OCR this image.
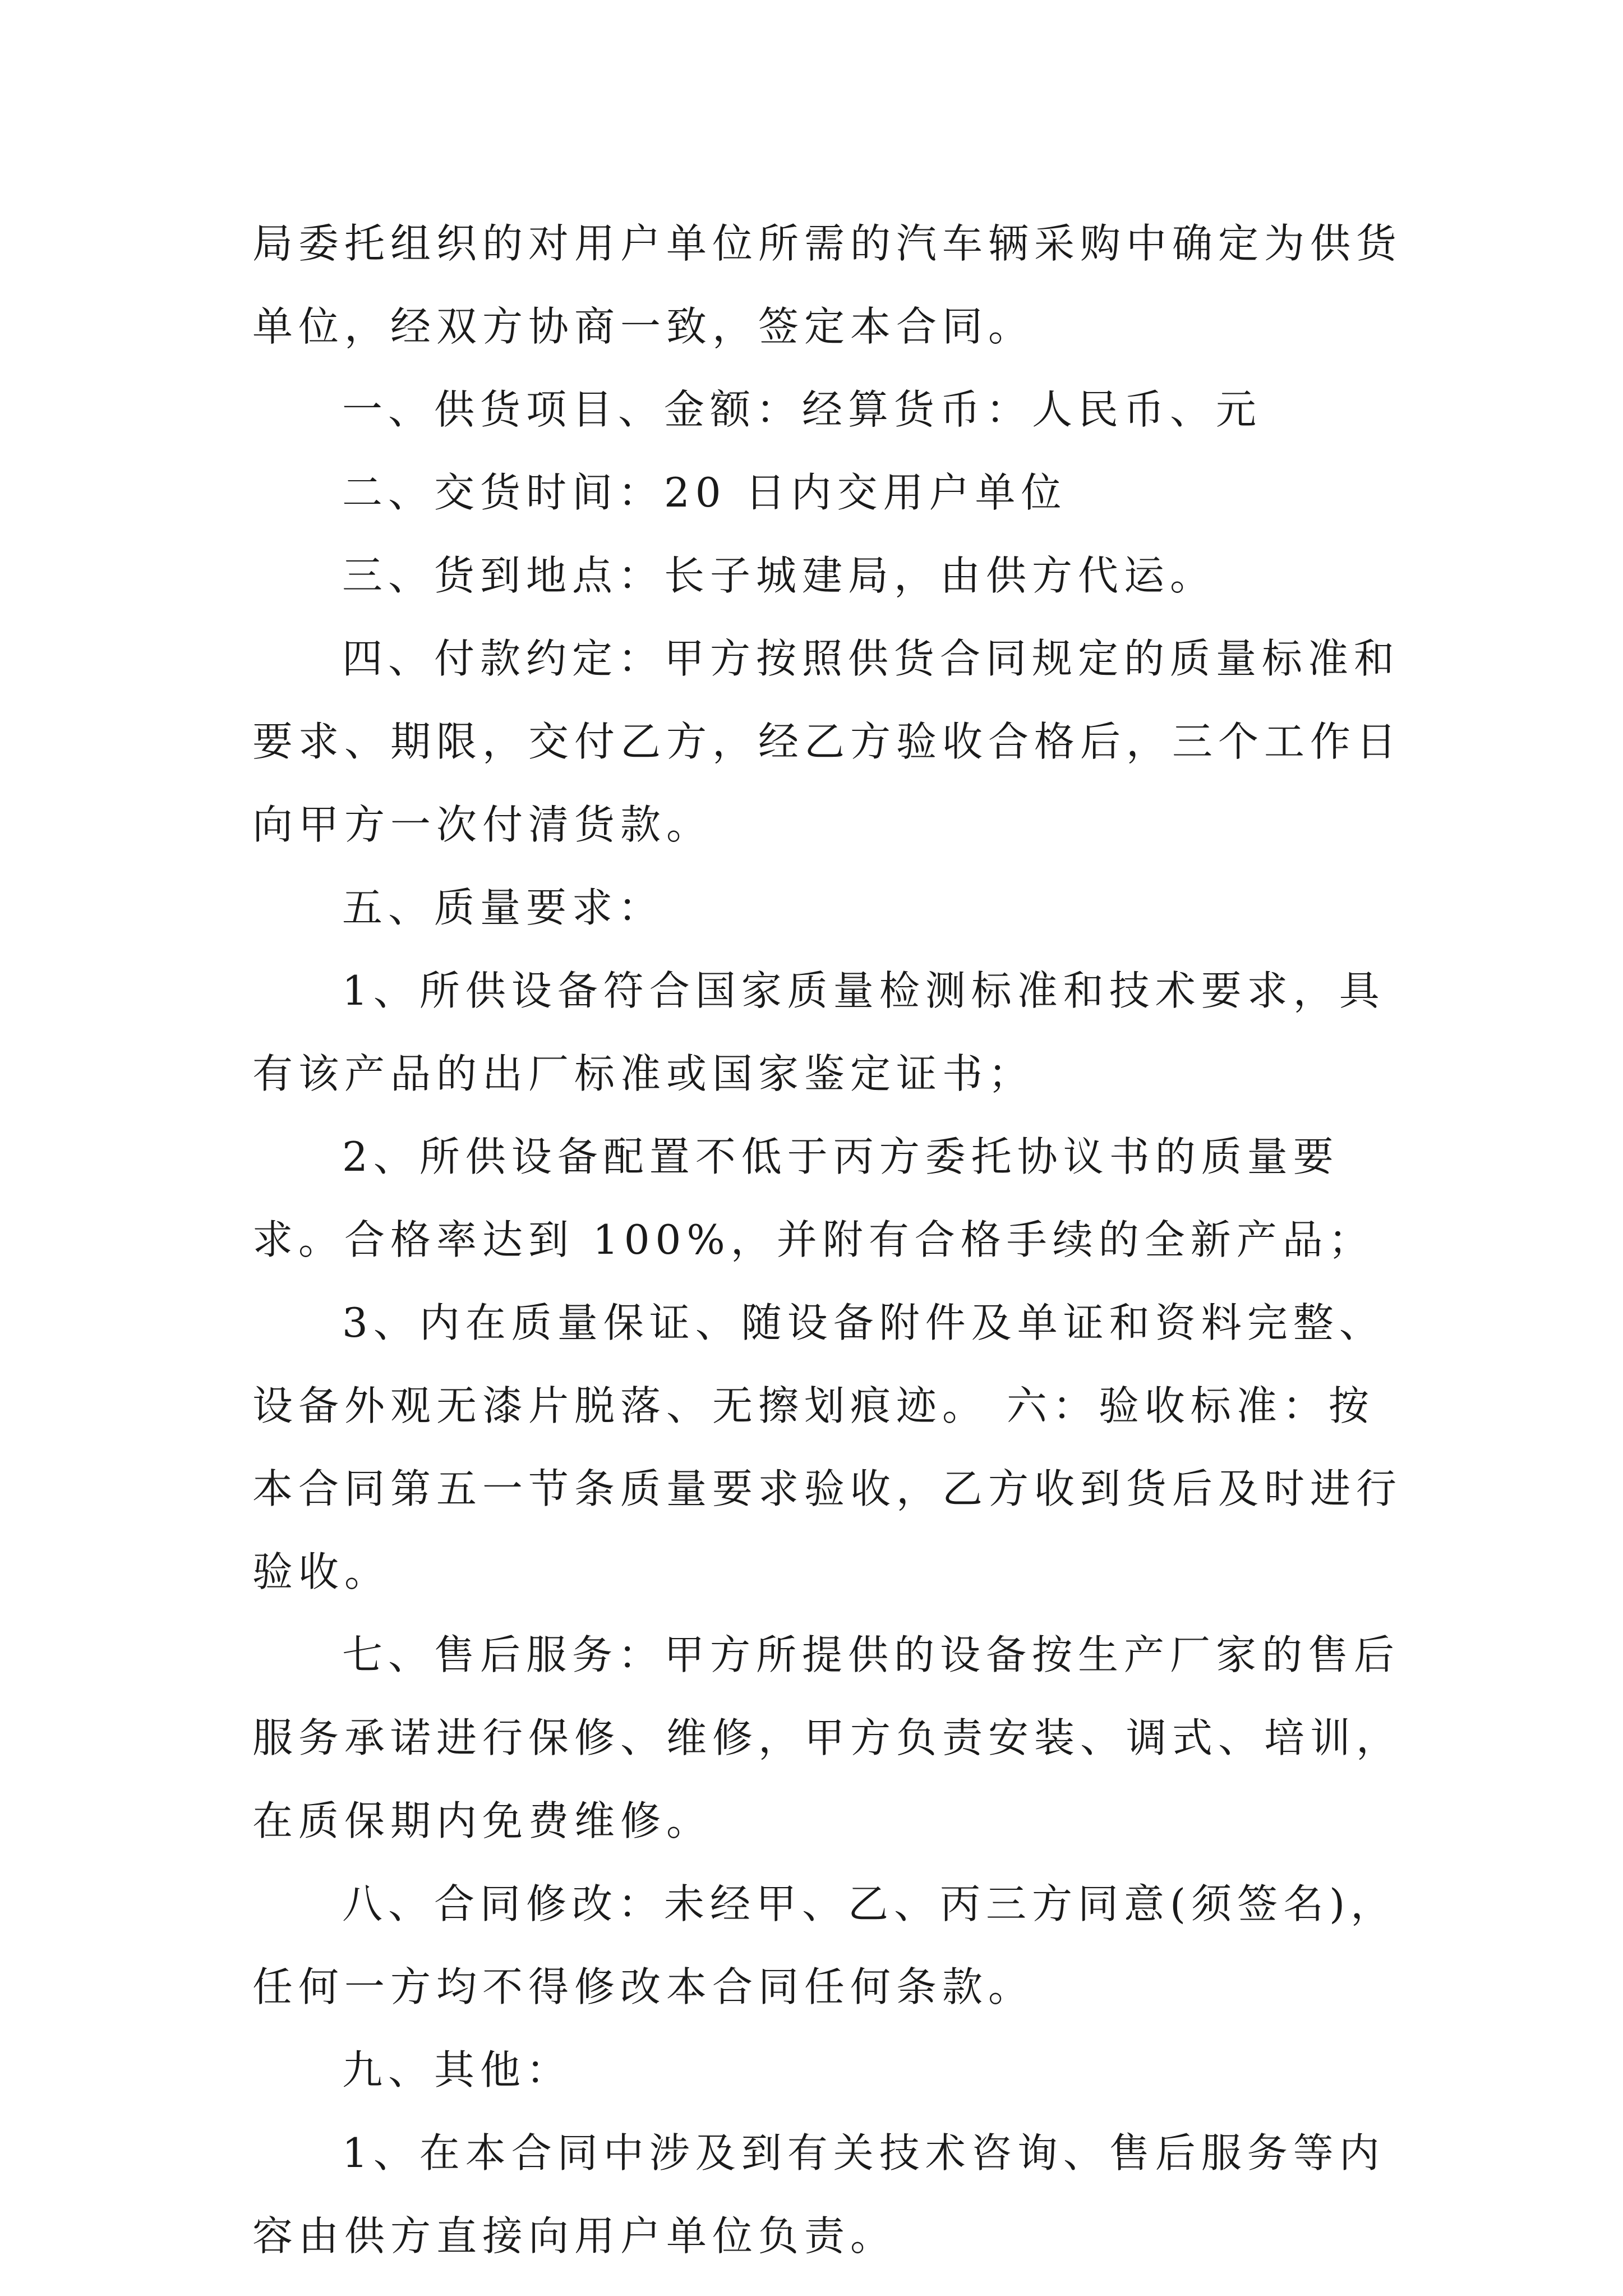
局委托组织的对用户单位所需的汽车辆采购中确定为供货单位，经双方协商一致，签定本合同。

一、供货项目、金额：经算货币：人民币、元

二、交货时间：20 日内交用户单位

三、货到地点：长子城建局，由供方代运。

四、付款约定：甲方按照供货合同规定的质量标准和要求、期限，交付乙方，经乙方验收合格后，三个工作日向甲方一次付清货款。

五、质量要求：

1、所供设备符合国家质量检测标准和技术要求，具有该产品的出厂标准或国家鉴定证书；

2、所供设备配置不低于丙方委托协议书的质量要求。合格率达到 100%，并附有合格手续的全新产品；

3、内在质量保证、随设备附件及单证和资料完整、设备外观无漆片脱落、无擦划痕迹。 六：验收标准：按本合同第五一节条质量要求验收，乙方收到货后及时进行验收。

七、售后服务：甲方所提供的设备按生产厂家的售后服务承诺进行保修、维修，甲方负责安装、调式、培训，在质保期内免费维修。

八、合同修改：未经甲、乙、丙三方同意(须签名)，任何一方均不得修改本合同任何条款。

九、其他：

1、在本合同中涉及到有关技术咨询、售后服务等内容由供方直接向用户单位负责。
